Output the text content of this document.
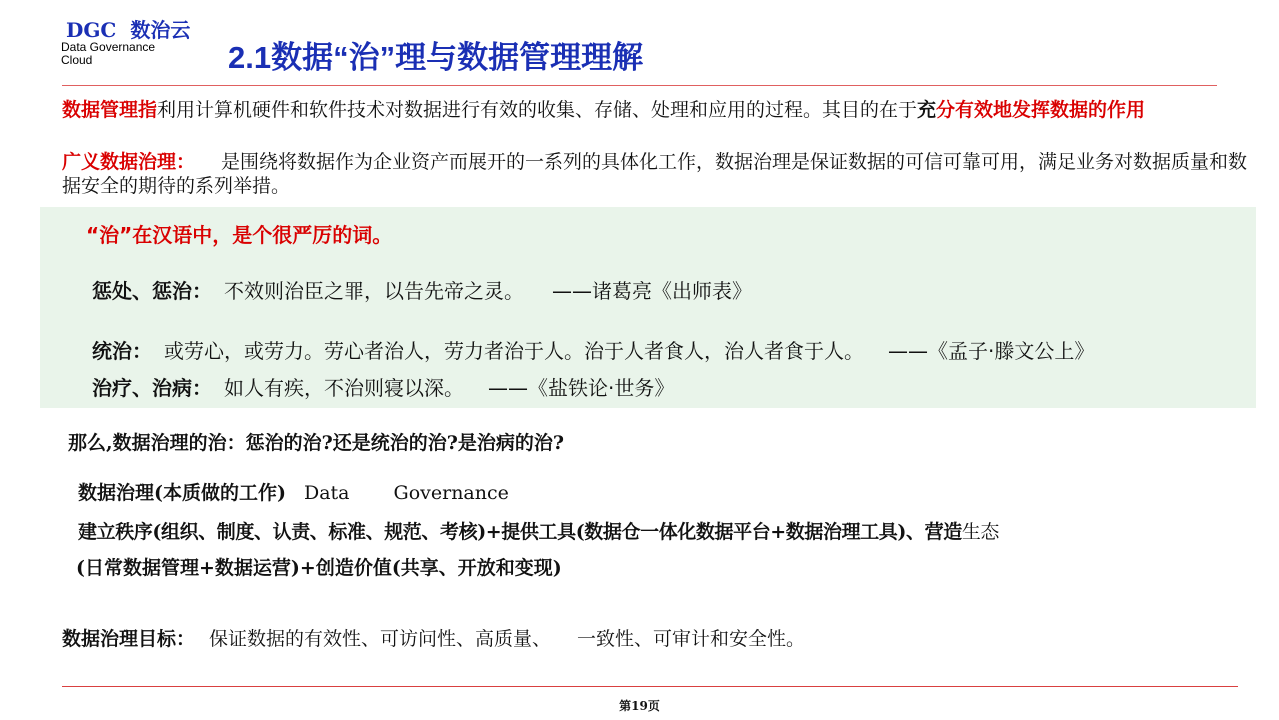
DGC 数治云
Data Governance Cloud	2.1数据“治”理与数据管理理解
数据管理指利用计算机硬件和软件技术对数据进行有效的收集、存储、处理和应用的过程。其目的在于充分有效地发挥数据的作用
广义数据治理： 是围绕将数据作为企业资产而展开的一系列的具体化工作，数据治理是保证数据的可信可靠可用，满足业务对数据质量和数据安全的期待的系列举措。
“治”在汉语中，是个很严厉的词。
惩处、惩治： 不效则治臣之罪，以告先帝之灵。 ——诸葛亮《出师表》
统治： 或劳心，或劳力。劳心者治人，劳力者治于人。治于人者食人，治人者食于人。 ——《孟子·滕文公上》
治疗、治病： 如人有疾，不治则寝以深。 ——《盐铁论·世务》
那么,数据治理的治：惩治的治?还是统治的治?是治病的治?
数据治理(本质做的工作) Data Governance
建立秩序(组织、制度、认责、标准、规范、考核)+提供工具(数据仓一体化数据平台+数据治理工具)、营造生态
(日常数据管理+数据运营)+创造价值(共享、开放和变现)
数据治理目标： 保证数据的有效性、可访问性、高质量、 一致性、可审计和安全性。
第19页
